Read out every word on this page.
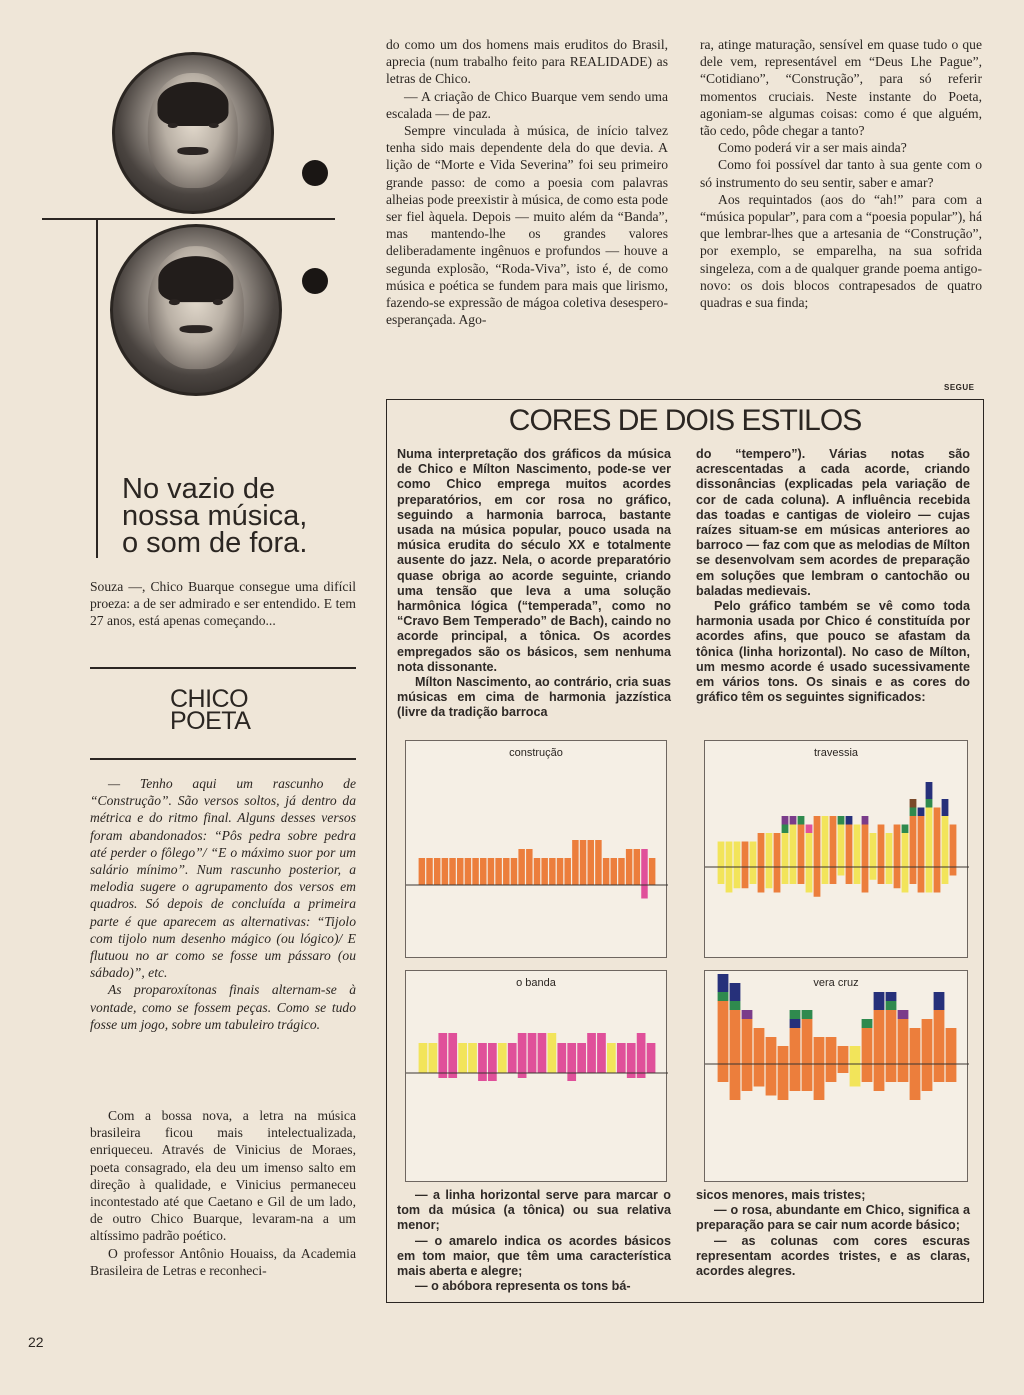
No vazio de
nossa música,
o som de fora.
Souza —, Chico Buarque consegue uma difícil proeza: a de ser admirado e ser entendido. E tem 27 anos, está apenas começando...
CHICO
POETA

— Tenho aqui um rascunho de “Construção”. São versos soltos, já dentro da métrica e do ritmo final. Alguns desses versos foram abandonados: “Pôs pedra sobre pedra até perder o fôlego”/ “E o máximo suor por um salário mínimo”. Num rascunho posterior, a melodia sugere o agrupamento dos versos em quadros. Só depois de concluída a primeira parte é que aparecem as alternativas: “Tijolo com tijolo num desenho mágico (ou lógico)/ E flutuou no ar como se fosse um pássaro (ou sábado)”, etc.

As proparoxítonas finais alternam-se à vontade, como se fossem peças. Como se tudo fosse um jogo, sobre um tabuleiro trágico.

Com a bossa nova, a letra na música brasileira ficou mais intelectualizada, enriqueceu. Através de Vinicius de Moraes, poeta consagrado, ela deu um imenso salto em direção à qualidade, e Vinicius permaneceu incontestado até que Caetano e Gil de um lado, de outro Chico Buarque, levaram-na a um altíssimo padrão poético.

O professor Antônio Houaiss, da Academia Brasileira de Letras e reconheci-

do como um dos homens mais eruditos do Brasil, aprecia (num trabalho feito para REALIDADE) as letras de Chico.

— A criação de Chico Buarque vem sendo uma escalada — de paz.

Sempre vinculada à música, de início talvez tenha sido mais dependente dela do que devia. A lição de “Morte e Vida Severina” foi seu primeiro grande passo: de como a poesia com palavras alheias pode preexistir à música, de como esta pode ser fiel àquela. Depois — muito além da “Banda”, mas mantendo-lhe os grandes valores deliberadamente ingênuos e profundos — houve a segunda explosão, “Roda-Viva”, isto é, de como música e poética se fundem para mais que lirismo, fazendo-se expressão de mágoa coletiva desespero-esperançada. Ago-

ra, atinge maturação, sensível em quase tudo o que dele vem, representável em “Deus Lhe Pague”, “Cotidiano”, “Construção”, para só referir momentos cruciais. Neste instante do Poeta, agoniam-se algumas coisas: como é que alguém, tão cedo, pôde chegar a tanto?

Como poderá vir a ser mais ainda?

Como foi possível dar tanto à sua gente com o só instrumento do seu sentir, saber e amar?

Aos requintados (aos do “ah!” para com a “música popular”, para com a “poesia popular”), há que lembrar-lhes que a artesania de “Construção”, por exemplo, se emparelha, na sua sofrida singeleza, com a de qualquer grande poema antigo-novo: os dois blocos contrapesados de quatro quadras e sua finda;

SEGUE
CORES DE DOIS ESTILOS

Numa interpretação dos gráficos da música de Chico e Mílton Nascimento, pode-se ver como Chico emprega muitos acordes preparatórios, em cor rosa no gráfico, seguindo a harmonia barroca, bastante usada na música popular, pouco usada na música erudita do século XX e totalmente ausente do jazz. Nela, o acorde preparatório quase obriga ao acorde seguinte, criando uma tensão que leva a uma solução harmônica lógica (“temperada”, como no “Cravo Bem Temperado” de Bach), caindo no acorde principal, a tônica. Os acordes empregados são os básicos, sem nenhuma nota dissonante.

Mílton Nascimento, ao contrário, cria suas músicas em cima de harmonia jazzística (livre da tradição barroca

do “tempero”). Várias notas são acrescentadas a cada acorde, criando dissonâncias (explicadas pela variação de cor de cada coluna). A influência recebida das toadas e cantigas de violeiro — cujas raízes situam-se em músicas anteriores ao barroco — faz com que as melodias de Mílton se desenvolvam sem acordes de preparação em soluções que lembram o cantochão ou baladas medievais.

Pelo gráfico também se vê como toda harmonia usada por Chico é constituída por acordes afins, que pouco se afastam da tônica (linha horizontal). No caso de Mílton, um mesmo acorde é usado sucessivamente em vários tons. Os sinais e as cores do gráfico têm os seguintes significados:

construção	travessia
o banda	vera cruz

— a linha horizontal serve para marcar o tom da música (a tônica) ou sua relativa menor;

— o amarelo indica os acordes básicos em tom maior, que têm uma característica mais aberta e alegre;

— o abóbora representa os tons bá-

sicos menores, mais tristes;

— o rosa, abundante em Chico, significa a preparação para se cair num acorde básico;

— as colunas com cores escuras representam acordes tristes, e as claras, acordes alegres.

22
